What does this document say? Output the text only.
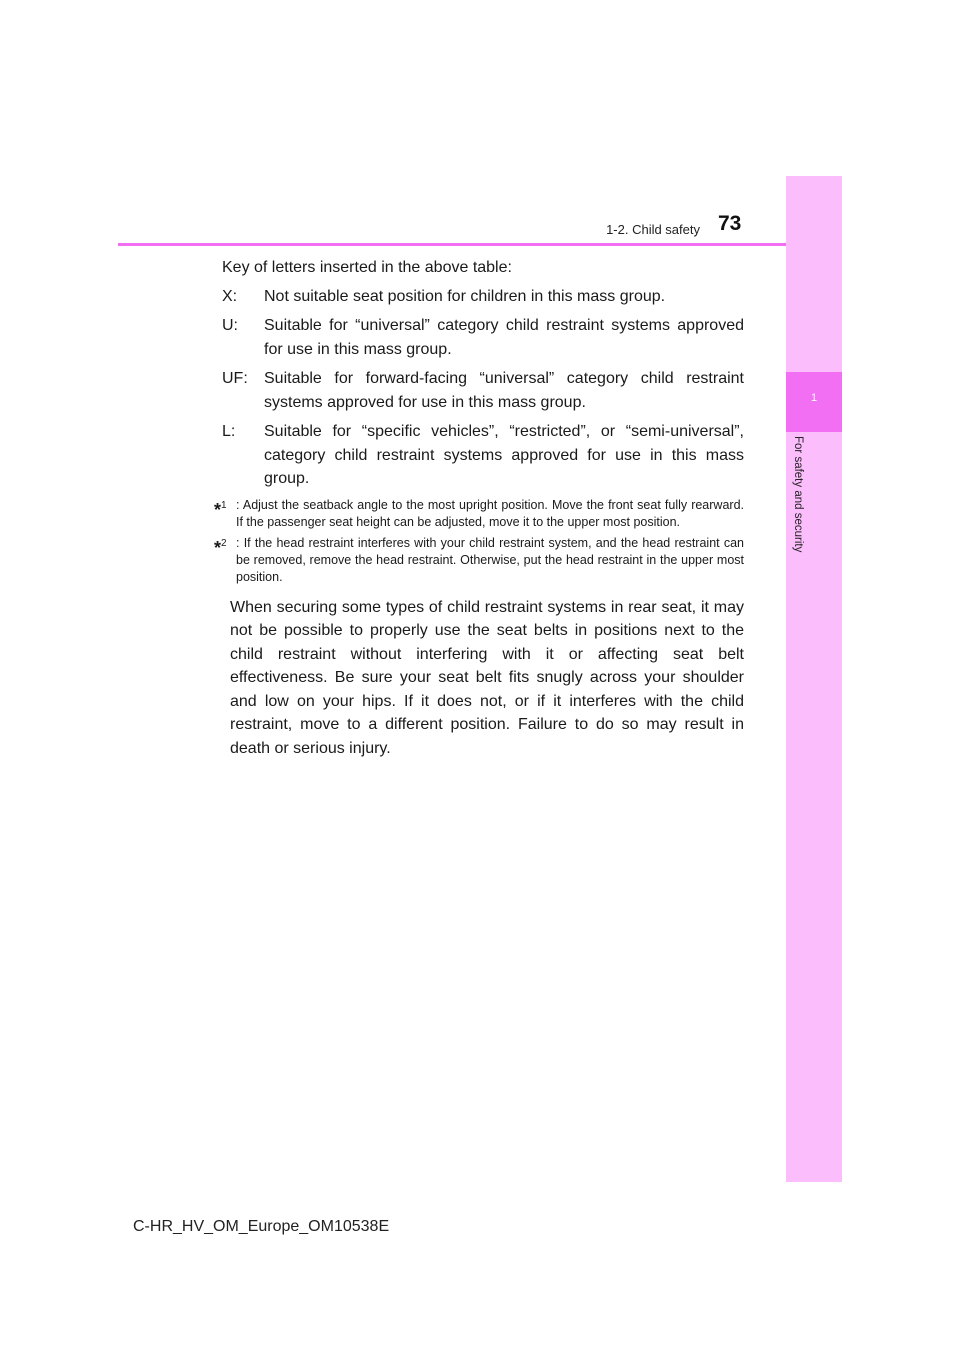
1
For safety and security
1-2. Child safety 73
Key of letters inserted in the above table:
X:	Not suitable seat position for children in this mass group.
U:	Suitable for “universal” category child restraint systems approved for use in this mass group.
UF:	Suitable for forward-facing “universal” category child restraint systems approved for use in this mass group.
L:	Suitable for “specific vehicles”, “restricted”, or “semi-universal”, category child restraint systems approved for use in this mass group.
*$^1$ : Adjust the seatback angle to the most upright position. Move the front seat fully rearward. If the passenger seat height can be adjusted, move it to the upper most position.
*$^2$ : If the head restraint interferes with your child restraint system, and the head restraint can be removed, remove the head restraint. Otherwise, put the head restraint in the upper most position.
When securing some types of child restraint systems in rear seat, it may not be possible to properly use the seat belts in positions next to the child restraint without interfering with it or affecting seat belt effectiveness. Be sure your seat belt fits snugly across your shoulder and low on your hips. If it does not, or if it interferes with the child restraint, move to a different position. Failure to do so may result in death or serious injury.
C-HR_HV_OM_Europe_OM10538E
